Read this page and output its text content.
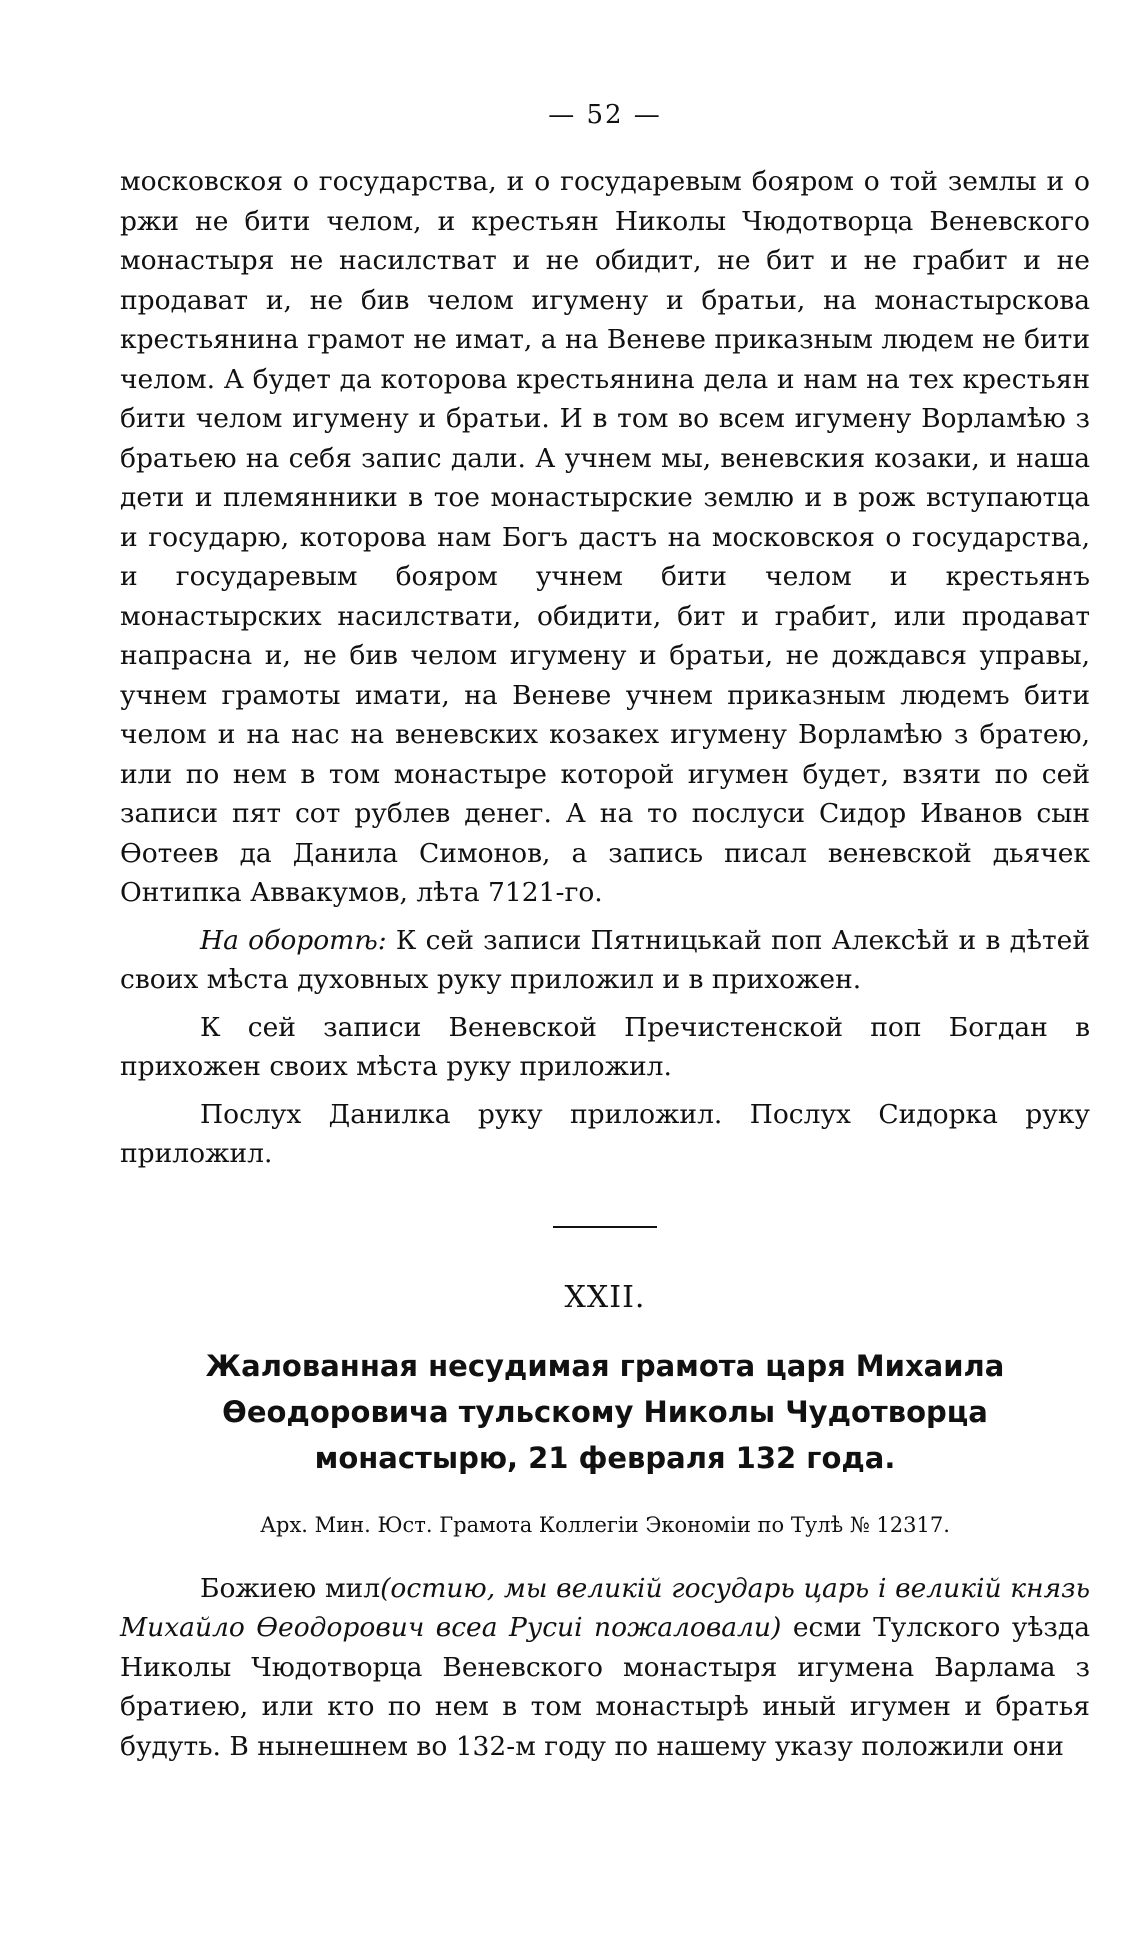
— 52 —

московскоя о государства, и о государевым бояром о той землы и о ржи не бити челом, и крестьян Николы Чюдотворца Веневского монастыря не насилстват и не обидит, не бит и не грабит и не продават и, не бив челом игумену и братьи, на монастырскова крестьянина грамот не имат, а на Веневе приказным людем не бити челом. А будет да которова крестьянина дела и нам на тех крестьян бити челом игумену и братьи. И в том во всем игумену Ворламѣю з братьею на себя запис дали. А учнем мы, веневския козаки, и наша дети и племянники в тое монастырские землю и в рож вступаютца и государю, которова нам Богъ дастъ на московскоя о государства, и государевым бояром учнем бити челом и крестьянъ монастырских насилствати, обидити, бит и грабит, или продават напрасна и, не бив челом игумену и братьи, не дождався управы, учнем грамоты имати, на Веневе учнем приказным людемъ бити челом и на нас на веневских козакех игумену Ворламѣю з братею, или по нем в том монастыре которой игумен будет, взяти по сей записи пят сот рублев денег. А на то послуси Сидор Иванов сын Ѳотеев да Данила Симонов, а запись писал веневской дьячек Онтипка Аввакумов, лѣта 7121-го.

На оборотѣ: К сей записи Пятницькай поп Алексѣй и в дѣтей своих мѣста духовных руку приложил и в прихожен.

К сей записи Веневской Пречистенской поп Богдан в прихожен своих мѣста руку приложил.

Послух Данилка руку приложил. Послух Сидорка руку приложил.

XXII.
Жалованная несудимая грамота царя Михаила Ѳеодоровича тульскому Николы Чудотворца монастырю, 21 февраля 132 года.
Арх. Мин. Юст. Грамота Коллегіи Экономіи по Тулѣ № 12317.

Божиею мил(остию, мы великій государь царь і великій князь Михайло Ѳеодорович всеа Русиі пожаловали) есми Тулского уѣзда Николы Чюдотворца Веневского монастыря игумена Варлама з братиею, или кто по нем в том монастырѣ иный игумен и братья будуть. В нынешнем во 132-м году по нашему указу положили они
